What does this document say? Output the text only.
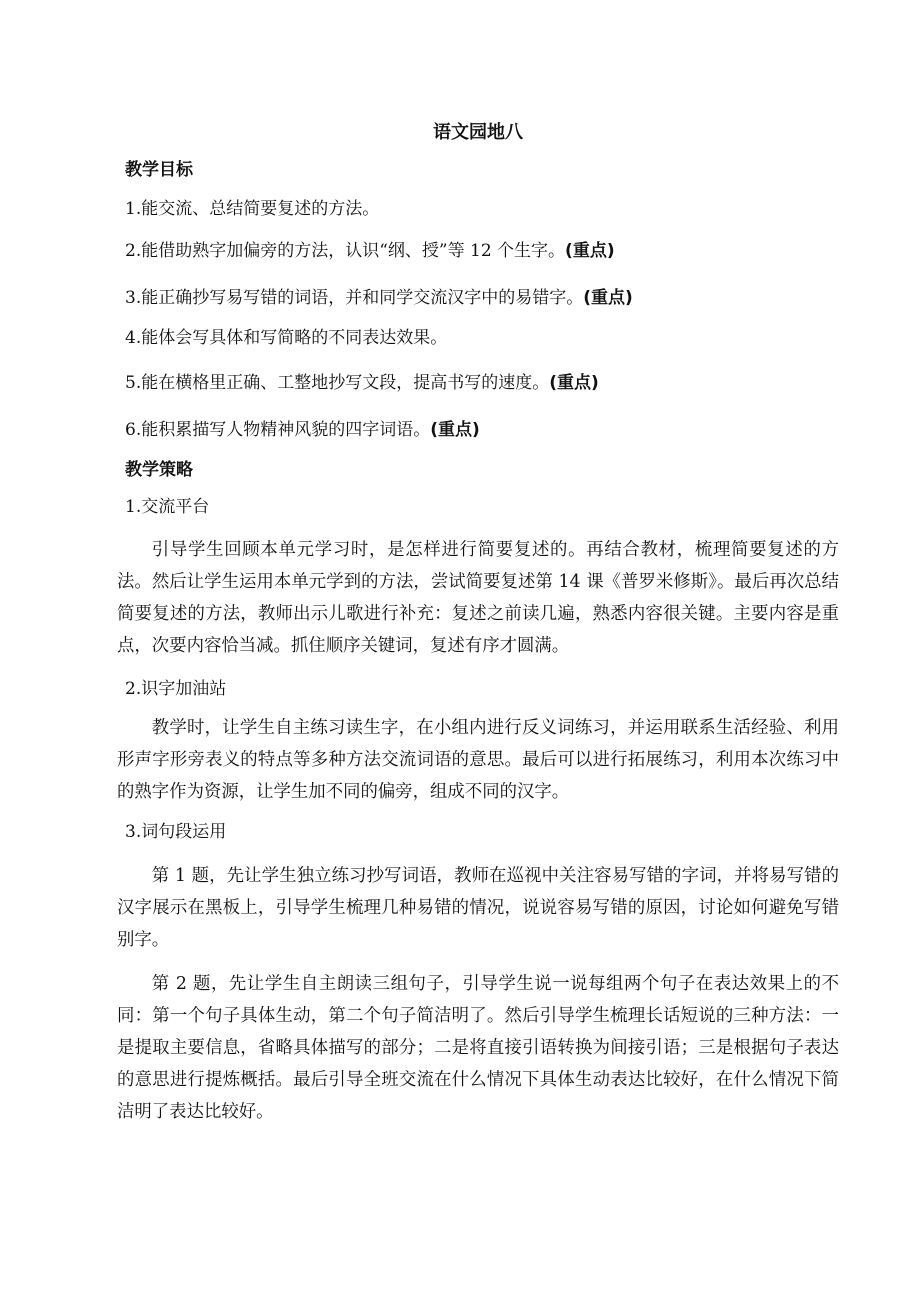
语文园地八
教学目标
1.能交流、总结简要复述的方法。
2.能借助熟字加偏旁的方法，认识“纲、授”等 12 个生字。(重点)
3.能正确抄写易写错的词语，并和同学交流汉字中的易错字。(重点)
4.能体会写具体和写简略的不同表达效果。
5.能在横格里正确、工整地抄写文段，提高书写的速度。(重点)
6.能积累描写人物精神风貌的四字词语。(重点)
教学策略
1.交流平台
引导学生回顾本单元学习时，是怎样进行简要复述的。再结合教材，梳理简要复述的方法。然后让学生运用本单元学到的方法，尝试简要复述第 14 课《普罗米修斯》。最后再次总结简要复述的方法，教师出示儿歌进行补充：复述之前读几遍，熟悉内容很关键。主要内容是重点，次要内容恰当减。抓住顺序关键词，复述有序才圆满。
2.识字加油站
教学时，让学生自主练习读生字，在小组内进行反义词练习，并运用联系生活经验、利用形声字形旁表义的特点等多种方法交流词语的意思。最后可以进行拓展练习，利用本次练习中的熟字作为资源，让学生加不同的偏旁，组成不同的汉字。
3.词句段运用
第 1 题，先让学生独立练习抄写词语，教师在巡视中关注容易写错的字词，并将易写错的汉字展示在黑板上，引导学生梳理几种易错的情况，说说容易写错的原因，讨论如何避免写错别字。
第 2 题，先让学生自主朗读三组句子，引导学生说一说每组两个句子在表达效果上的不同：第一个句子具体生动，第二个句子简洁明了。然后引导学生梳理长话短说的三种方法：一是提取主要信息，省略具体描写的部分；二是将直接引语转换为间接引语；三是根据句子表达的意思进行提炼概括。最后引导全班交流在什么情况下具体生动表达比较好，在什么情况下简洁明了表达比较好。
